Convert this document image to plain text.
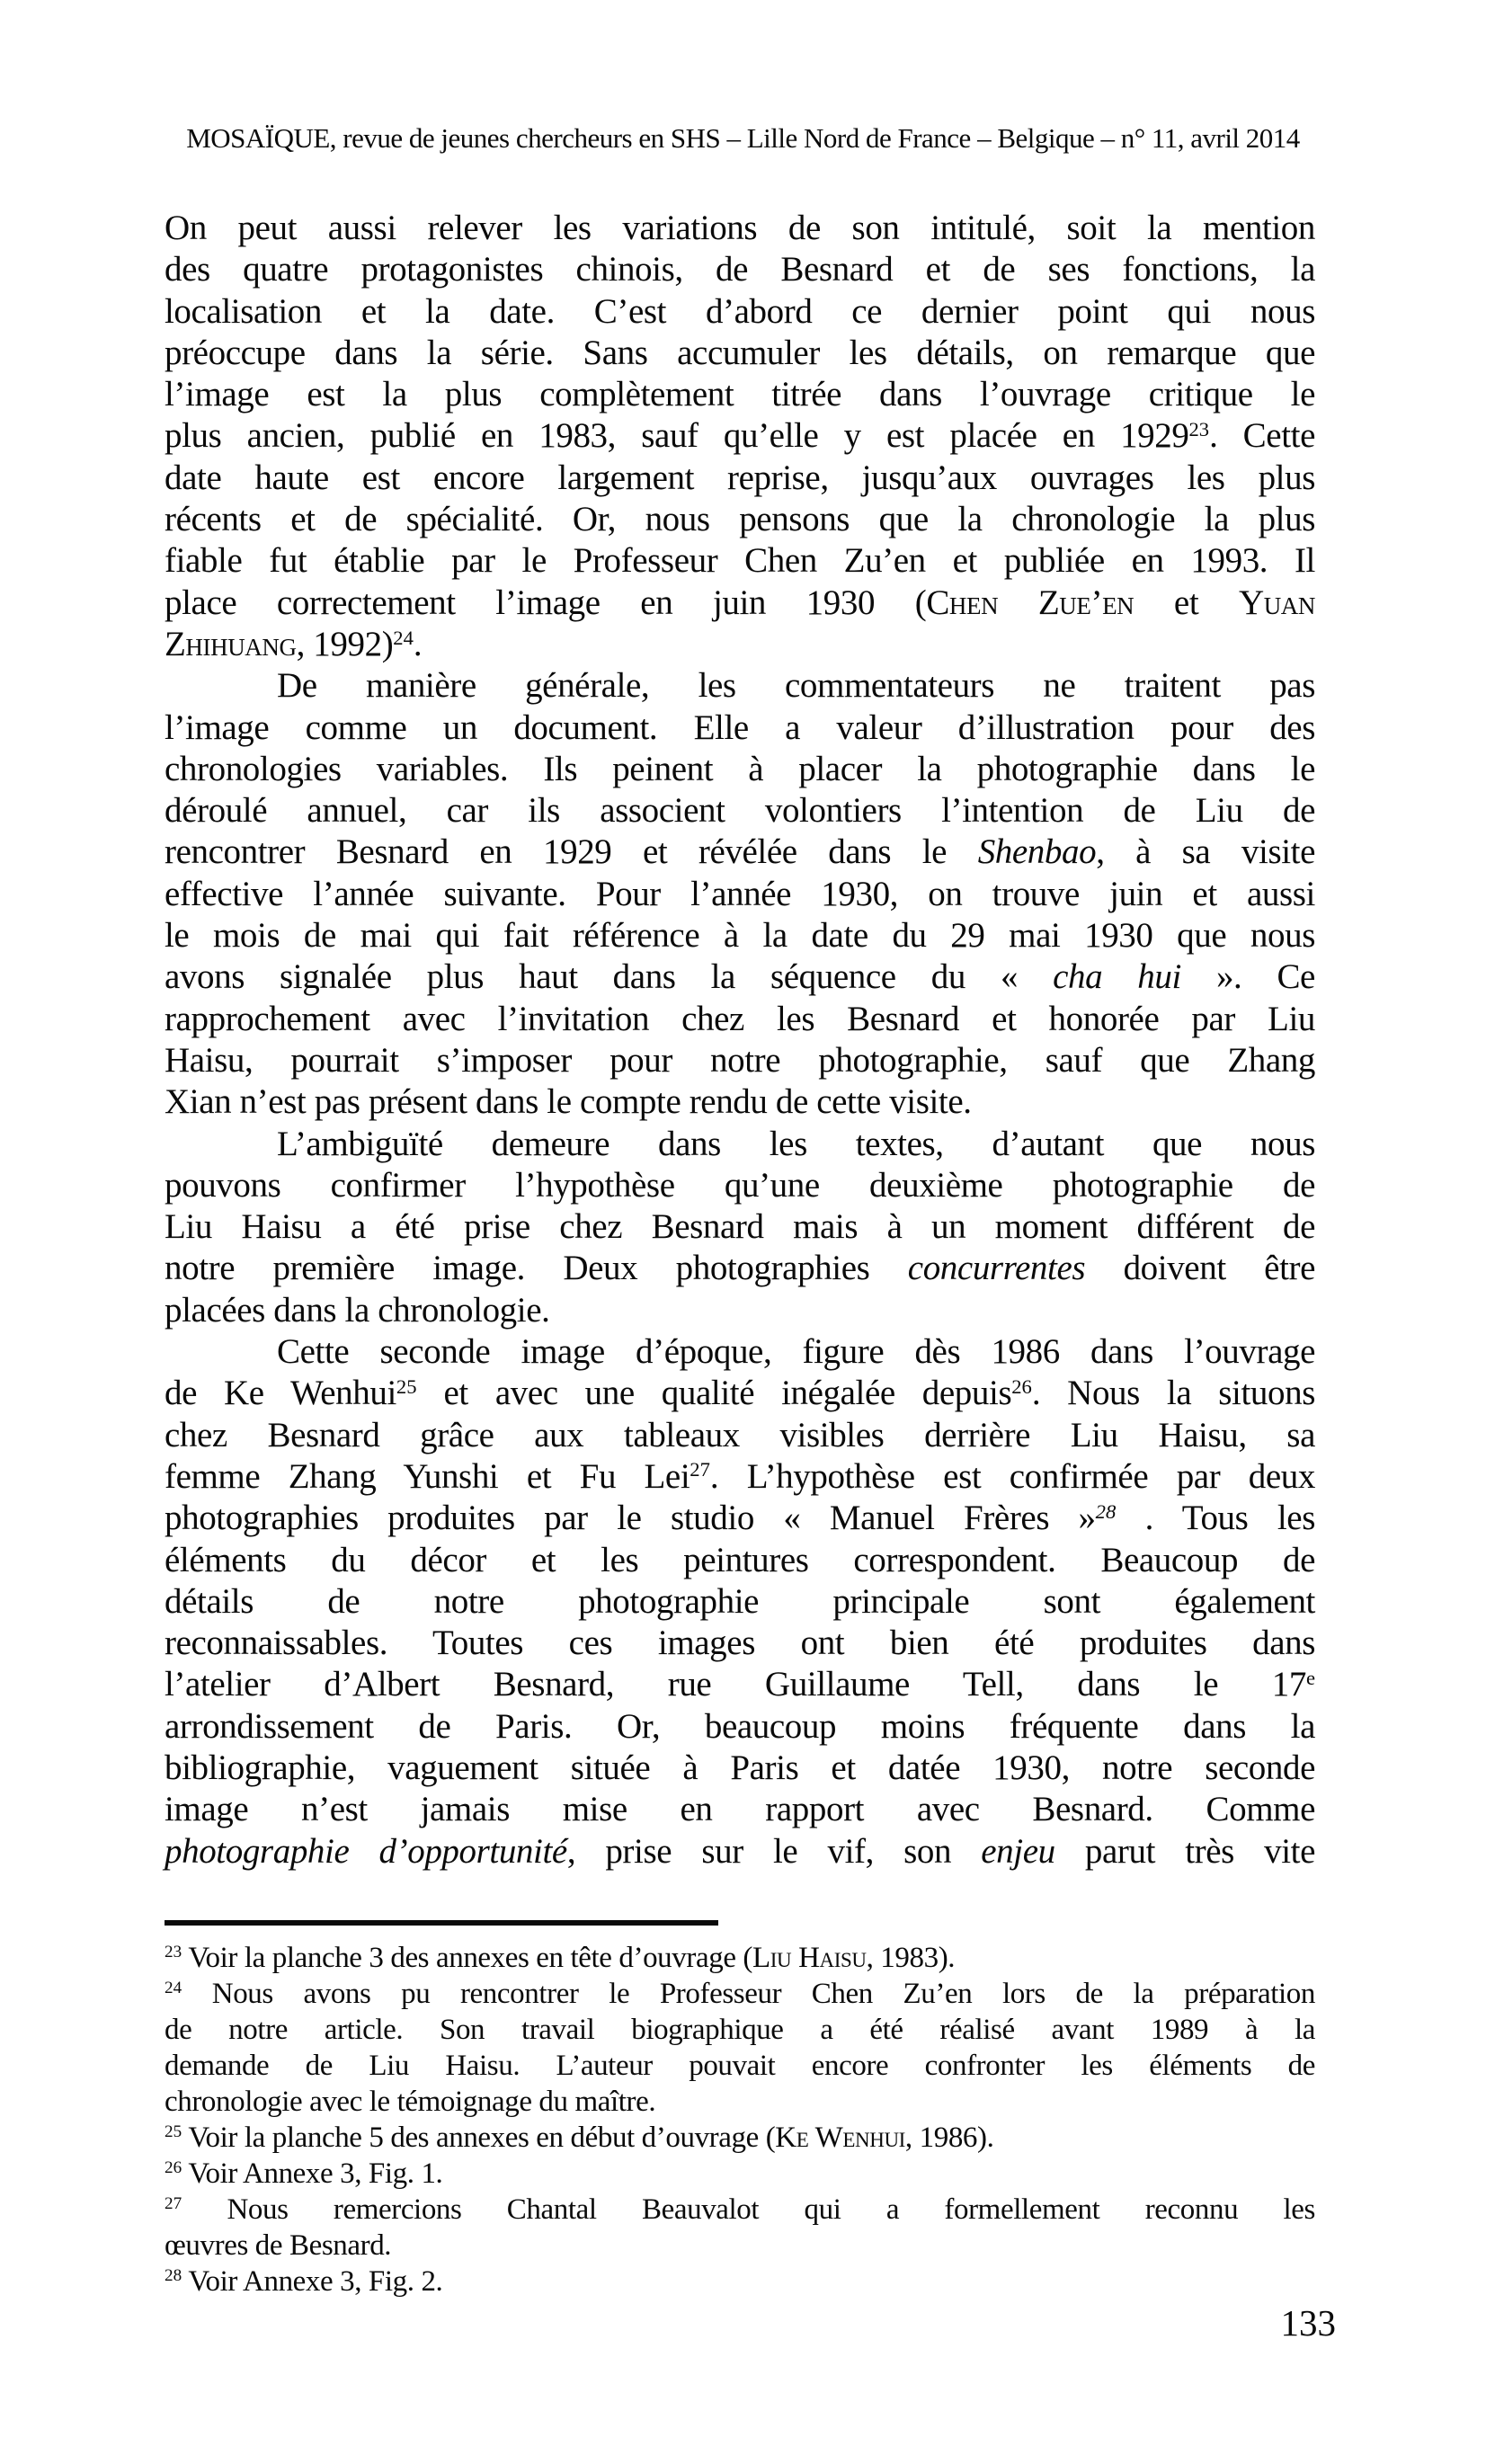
MOSAÏQUE, revue de jeunes chercheurs en SHS – Lille Nord de France – Belgique – n° 11, avril 2014
On peut aussi relever les variations de son intitulé, soit la mention
des quatre protagonistes chinois, de Besnard et de ses fonctions, la
localisation et la date. C’est d’abord ce dernier point qui nous
préoccupe dans la série. Sans accumuler les détails, on remarque que
l’image est la plus complètement titrée dans l’ouvrage critique le
plus ancien, publié en 1983, sauf qu’elle y est placée en 1929$^{23}$. Cette
date haute est encore largement reprise, jusqu’aux ouvrages les plus
récents et de spécialité. Or, nous pensons que la chronologie la plus
fiable fut établie par le Professeur Chen Zu’en et publiée en 1993. Il
place correctement l’image en juin 1930 (Chen Zue’en et Yuan
Zhihuang, 1992)$^{24}$.
De manière générale, les commentateurs ne traitent pas
l’image comme un document. Elle a valeur d’illustration pour des
chronologies variables. Ils peinent à placer la photographie dans le
déroulé annuel, car ils associent volontiers l’intention de Liu de
rencontrer Besnard en 1929 et révélée dans le Shenbao, à sa visite
effective l’année suivante. Pour l’année 1930, on trouve juin et aussi
le mois de mai qui fait référence à la date du 29 mai 1930 que nous
avons signalée plus haut dans la séquence du « cha hui ». Ce
rapprochement avec l’invitation chez les Besnard et honorée par Liu
Haisu, pourrait s’imposer pour notre photographie, sauf que Zhang
Xian n’est pas présent dans le compte rendu de cette visite.
L’ambiguïté demeure dans les textes, d’autant que nous
pouvons confirmer l’hypothèse qu’une deuxième photographie de
Liu Haisu a été prise chez Besnard mais à un moment différent de
notre première image. Deux photographies concurrentes doivent être
placées dans la chronologie.
Cette seconde image d’époque, figure dès 1986 dans l’ouvrage
de Ke Wenhui$^{25}$ et avec une qualité inégalée depuis$^{26}$. Nous la situons
chez Besnard grâce aux tableaux visibles derrière Liu Haisu, sa
femme Zhang Yunshi et Fu Lei$^{27}$. L’hypothèse est confirmée par deux
photographies produites par le studio « Manuel Frères »$^{28}$ . Tous les
éléments du décor et les peintures correspondent. Beaucoup de
détails de notre photographie principale sont également
reconnaissables. Toutes ces images ont bien été produites dans
l’atelier d’Albert Besnard, rue Guillaume Tell, dans le 17e
arrondissement de Paris. Or, beaucoup moins fréquente dans la
bibliographie, vaguement située à Paris et datée 1930, notre seconde
image n’est jamais mise en rapport avec Besnard. Comme
photographie d’opportunité, prise sur le vif, son enjeu parut très vite
$^{23}$ Voir la planche 3 des annexes en tête d’ouvrage (Liu Haisu, 1983).
$^{24}$ Nous avons pu rencontrer le Professeur Chen Zu’en lors de la préparation
de notre article. Son travail biographique a été réalisé avant 1989 à la
demande de Liu Haisu. L’auteur pouvait encore confronter les éléments de
chronologie avec le témoignage du maître.
$^{25}$ Voir la planche 5 des annexes en début d’ouvrage (Ke Wenhui, 1986).
$^{26}$ Voir Annexe 3, Fig. 1.
$^{27}$ Nous remercions Chantal Beauvalot qui a formellement reconnu les
œuvres de Besnard.
$^{28}$ Voir Annexe 3, Fig. 2.
133
